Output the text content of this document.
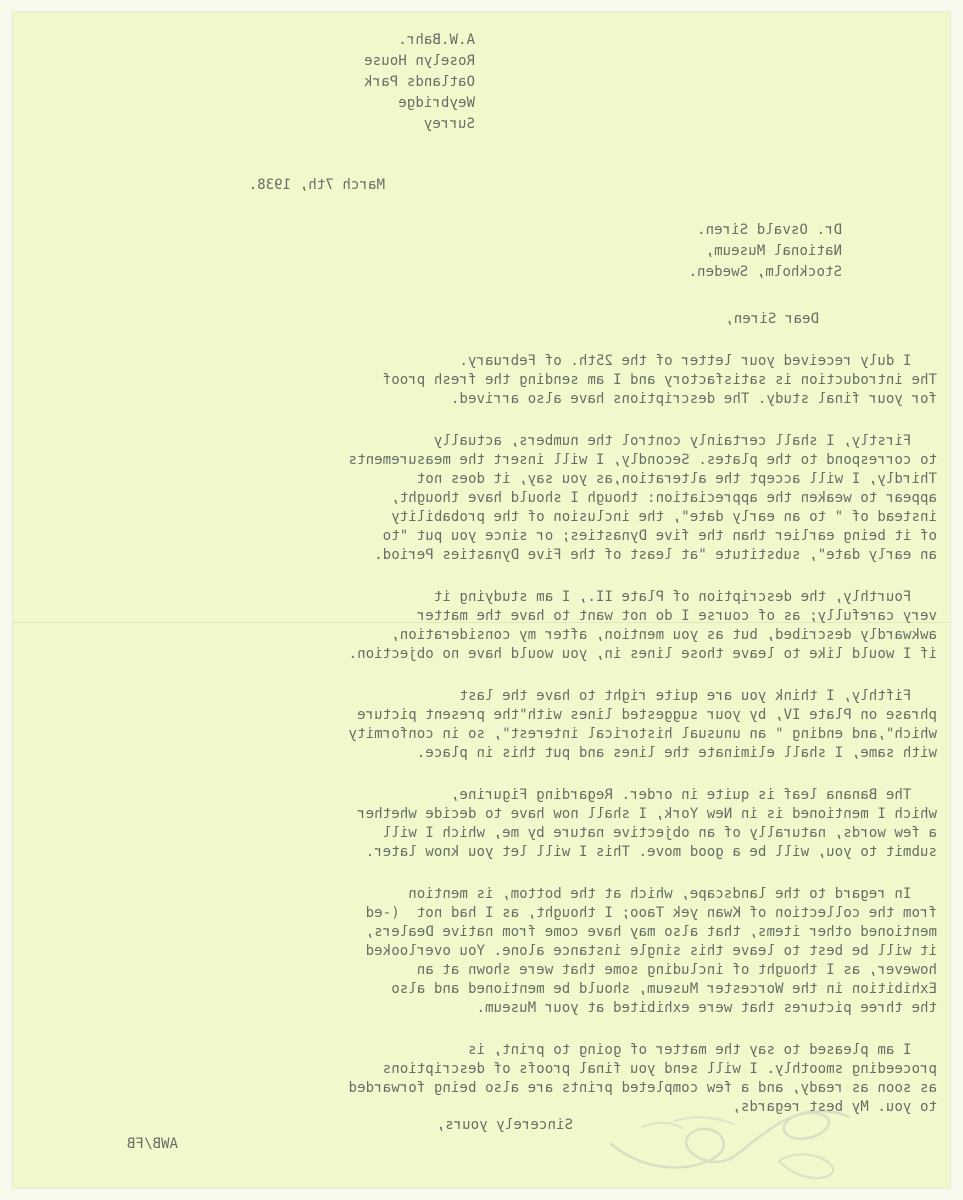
A.W.Bahr.
Roselyn House
Oatlands Park
Weybridge
Surrey
March 7th, 1938.
Dr. Osvald Siren.
National Museum,
Stockholm, Sweden.
Dear Siren,
I duly received your letter of the 25th. of February.
The introduction is satisfactory and I am sending the fresh proof
for your final study. The descriptions have also arrived.
Firstly, I shall certainly control the numbers, actually
to correspond to the plates. Secondly, I will insert the measurements
Thirdly, I will accept the alteration,as you say, it does not
appear to weaken the appreciation: though I should have thought,
instead of " to an early date", the inclusion of the probability
of it being earlier than the five Dynasties; or since you put "to
an early date", substitute "at least of the Five Dynasties Period.
Fourthly, the description of Plate II., I am studying it
very carefully; as of course I do not want to have the matter
awkwardly described, but as you mention, after my consideration,
if I would like to leave those lines in, you would have no objection.
Fifthly, I think you are quite right to have the last
phrase on Plate IV, by your suggested lines with"the present picture
which",and ending " an unusual historical interest", so in conformity
with same, I shall eliminate the lines and put this in place.
The Banana leaf is quite in order. Regarding Figurine,
which I mentioned is in New York, I shall now have to decide whether
a few words, naturally of an objective nature by me, which I will
submit to you, will be a good move. This I will let you know later.
In regard to the landscape, which at the bottom, is mention
from the collection of Kwan yek Taoo; I thought, as I had not  (-ed
mentioned other items, that also may have come from native Dealers,
it will be best to leave this single instance alone. You overlooked
however, as I thought of including some that were shown at an
Exhibition in the Worcester Museum, should be mentioned and also
the three pictures that were exhibited at your Museum.
I am pleased to say the matter of going to print, is
proceeding smoothly. I will send you final proofs of descriptions
as soon as ready, and a few completed prints are also being forwarded
to you. My best regards,
Sincerely yours,
AWB/FB
